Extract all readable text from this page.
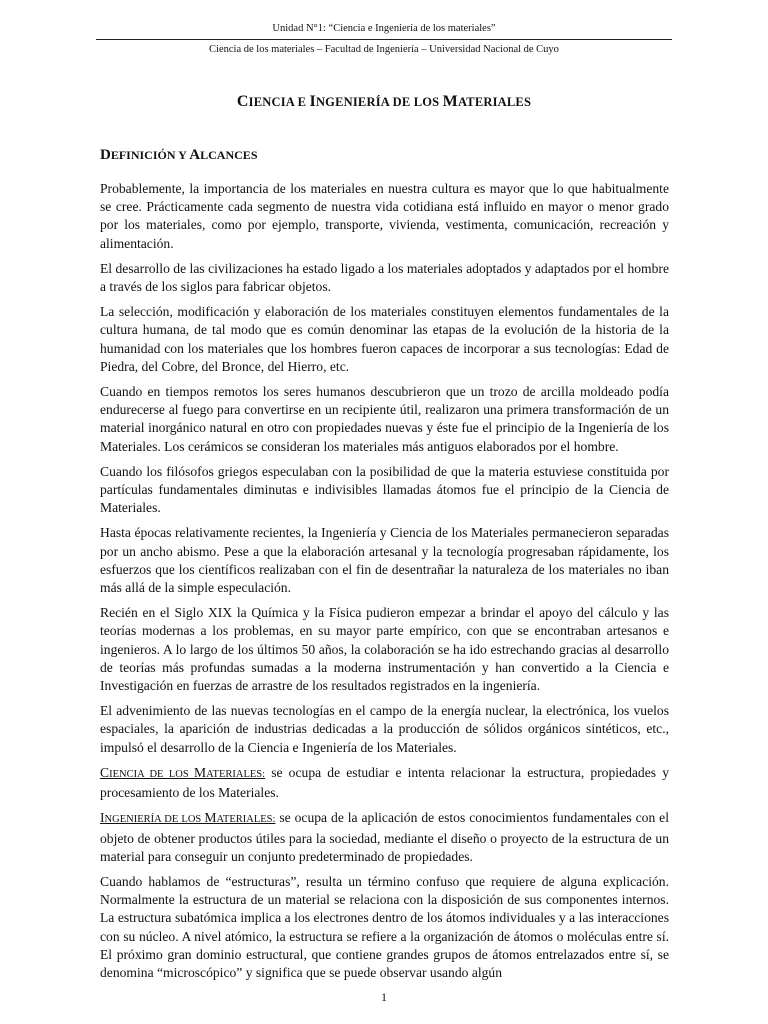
Unidad N°1: “Ciencia e Ingeniería de los materiales”
Ciencia de los materiales – Facultad de Ingeniería – Universidad Nacional de Cuyo
CIENCIA E INGENIERÍA DE LOS MATERIALES
DEFINICIÓN Y ALCANCES

Probablemente, la importancia de los materiales en nuestra cultura es mayor que lo que habitualmente se cree. Prácticamente cada segmento de nuestra vida cotidiana está influido en mayor o menor grado por los materiales, como por ejemplo, transporte, vivienda, vestimenta, comunicación, recreación y alimentación.

El desarrollo de las civilizaciones ha estado ligado a los materiales adoptados y adaptados por el hombre a través de los siglos para fabricar objetos.

La selección, modificación y elaboración de los materiales constituyen elementos fundamentales de la cultura humana, de tal modo que es común denominar las etapas de la evolución de la historia de la humanidad con los materiales que los hombres fueron capaces de incorporar a sus tecnologías: Edad de Piedra, del Cobre, del Bronce, del Hierro, etc.

Cuando en tiempos remotos los seres humanos descubrieron que un trozo de arcilla moldeado podía endurecerse al fuego para convertirse en un recipiente útil, realizaron una primera transformación de un material inorgánico natural en otro con propiedades nuevas y éste fue el principio de la Ingeniería de los Materiales. Los cerámicos se consideran los materiales más antiguos elaborados por el hombre.

Cuando los filósofos griegos especulaban con la posibilidad de que la materia estuviese constituida por partículas fundamentales diminutas e indivisibles llamadas átomos fue el principio de la Ciencia de Materiales.

Hasta épocas relativamente recientes, la Ingeniería y Ciencia de los Materiales permanecieron separadas por un ancho abismo. Pese a que la elaboración artesanal y la tecnología progresaban rápidamente, los esfuerzos que los científicos realizaban con el fin de desentrañar la naturaleza de los materiales no iban más allá de la simple especulación.

Recién en el Siglo XIX la Química y la Física pudieron empezar a brindar el apoyo del cálculo y las teorías modernas a los problemas, en su mayor parte empírico, con que se encontraban artesanos e ingenieros. A lo largo de los últimos 50 años, la colaboración se ha ido estrechando gracias al desarrollo de teorías más profundas sumadas a la moderna instrumentación y han convertido a la Ciencia e Investigación en fuerzas de arrastre de los resultados registrados en la ingeniería.

El advenimiento de las nuevas tecnologías en el campo de la energía nuclear, la electrónica, los vuelos espaciales, la aparición de industrias dedicadas a la producción de sólidos orgánicos sintéticos, etc., impulsó el desarrollo de la Ciencia e Ingeniería de los Materiales.

CIENCIA DE LOS MATERIALES: se ocupa de estudiar e intenta relacionar la estructura, propiedades y procesamiento de los Materiales.

INGENIERÍA DE LOS MATERIALES: se ocupa de la aplicación de estos conocimientos fundamentales con el objeto de obtener productos útiles para la sociedad, mediante el diseño o proyecto de la estructura de un material para conseguir un conjunto predeterminado de propiedades.

Cuando hablamos de “estructuras”, resulta un término confuso que requiere de alguna explicación. Normalmente la estructura de un material se relaciona con la disposición de sus componentes internos. La estructura subatómica implica a los electrones dentro de los átomos individuales y a las interacciones con su núcleo. A nivel atómico, la estructura se refiere a la organización de átomos o moléculas entre sí. El próximo gran dominio estructural, que contiene grandes grupos de átomos entrelazados entre sí, se denomina “microscópico” y significa que se puede observar usando algún

1
